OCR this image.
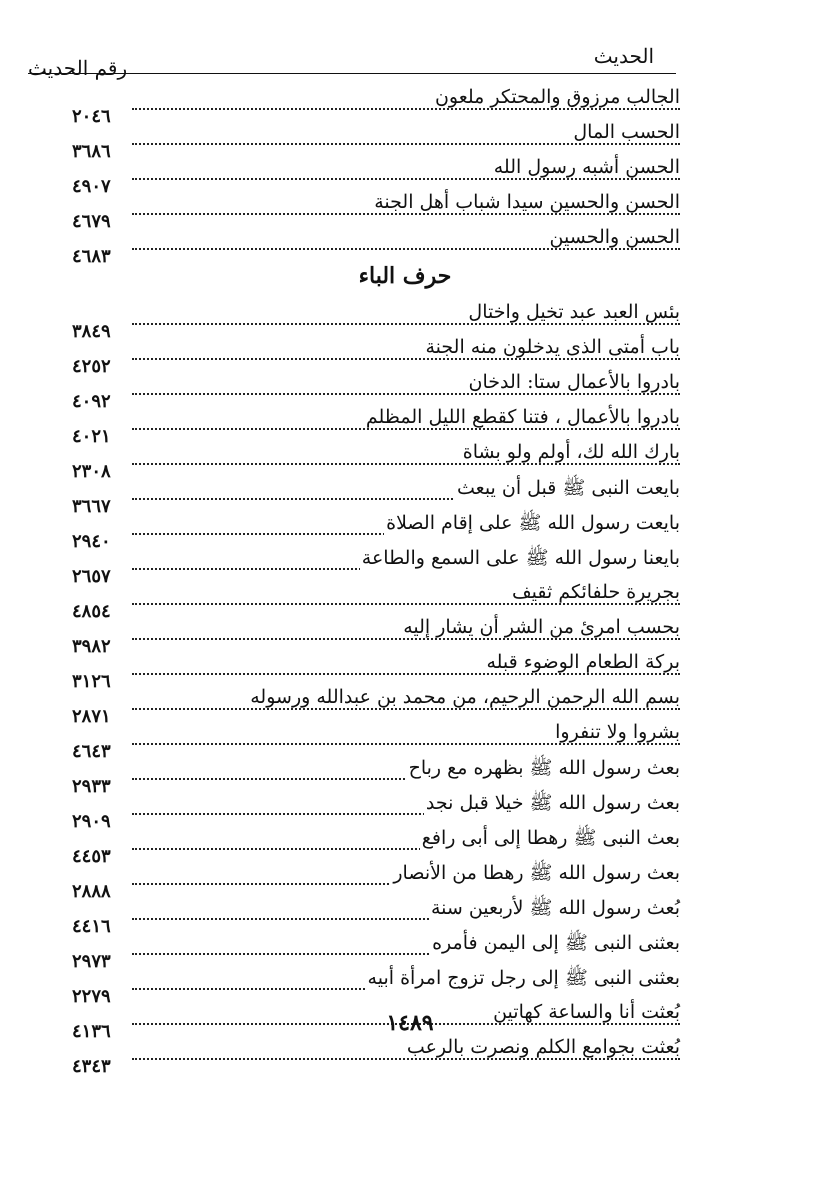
الحديث
رقم الحديث
الجالب مرزوق والمحتكر ملعون
٢٠٤٦
الحسب المال
٣٦٨٦
الحسن أشبه رسول الله
٤٩٠٧
الحسن والحسين سيدا شباب أهل الجنة
٤٦٧٩
الحسن والحسين
٤٦٨٣
حرف الباء
بئس العبد عبد تخيل واختال
٣٨٤٩
باب أمتى الذى يدخلون منه الجنة
٤٢٥٢
بادروا بالأعمال ستا: الدخان
٤٠٩٢
بادروا بالأعمال ، فتنا كقطع الليل المظلم
٤٠٢١
بارك الله لك، أولم ولو بشاة
٢٣٠٨
بايعت النبى ﷺ قبل أن يبعث
٣٦٦٧
بايعت رسول الله ﷺ على إقام الصلاة
٢٩٤٠
بايعنا رسول الله ﷺ على السمع والطاعة
٢٦٥٧
بجريرة حلفائكم ثقيف
٤٨٥٤
بحسب امرئ من الشر أن يشار إليه
٣٩٨٢
بركة الطعام الوضوء قبله
٣١٢٦
بسم الله الرحمن الرحيم، من محمد بن عبدالله ورسوله
٢٨٧١
بشروا ولا تنفروا
٤٦٤٣
بعث رسول الله ﷺ بظهره مع رباح
٢٩٣٣
بعث رسول الله ﷺ خيلا قبل نجد
٢٩٠٩
بعث النبى ﷺ رهطا إلى أبى رافع
٤٤٥٣
بعث رسول الله ﷺ رهطا من الأنصار
٢٨٨٨
بُعث رسول الله ﷺ لأربعين سنة
٤٤١٦
بعثنى النبى ﷺ إلى اليمن فأمره
٢٩٧٣
بعثنى النبى ﷺ إلى رجل تزوج امرأة أبيه
٢٢٧٩
بُعثت أنا والساعة كهاتين
٤١٣٦
بُعثت بجوامع الكلم ونصرت بالرعب
٤٣٤٣
١٤٨٩
